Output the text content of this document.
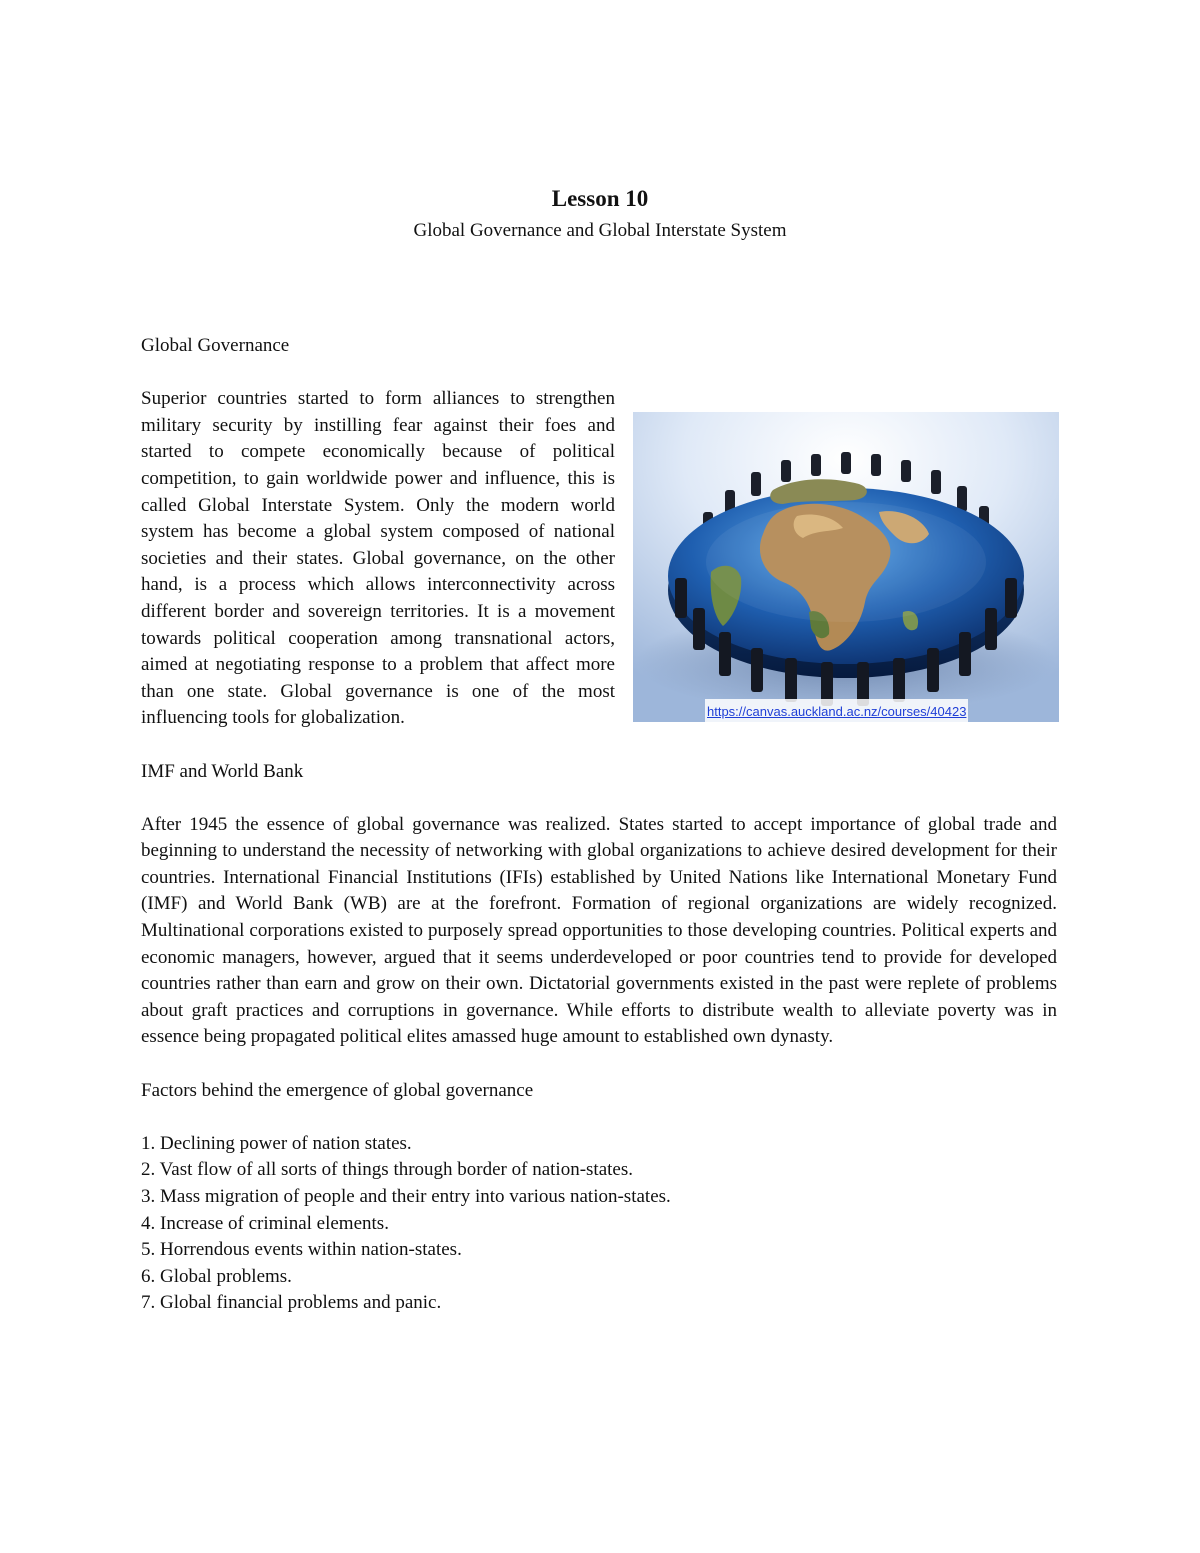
Lesson 10
Global Governance and Global Interstate System

Global Governance

https://canvas.auckland.ac.nz/courses/40423

Superior countries started to form alliances to strengthen military security by instilling fear against their foes and started to compete economically because of political competition, to gain worldwide power and influence, this is called Global Interstate System. Only the modern world system has become a global system composed of national societies and their states. Global governance, on the other hand, is a process which allows interconnectivity across different border and sovereign territories. It is a movement towards political cooperation among transnational actors, aimed at negotiating response to a problem that affect more than one state. Global governance is one of the most influencing tools for globalization.

IMF and World Bank

After 1945 the essence of global governance was realized. States started to accept importance of global trade and beginning to understand the necessity of networking with global organizations to achieve desired development for their countries. International Financial Institutions (IFIs) established by United Nations like International Monetary Fund (IMF) and World Bank (WB) are at the forefront. Formation of regional organizations are widely recognized. Multinational corporations existed to purposely spread opportunities to those developing countries. Political experts and economic managers, however, argued that it seems underdeveloped or poor countries tend to provide for developed countries rather than earn and grow on their own. Dictatorial governments existed in the past were replete of problems about graft practices and corruptions in governance. While efforts to distribute wealth to alleviate poverty was in essence being propagated political elites amassed huge amount to established own dynasty.

Factors behind the emergence of global governance

1. Declining power of nation states.

2. Vast flow of all sorts of things through border of nation-states.

3. Mass migration of people and their entry into various nation-states.

4. Increase of criminal elements.

5. Horrendous events within nation-states.

6. Global problems.

7. Global financial problems and panic.
